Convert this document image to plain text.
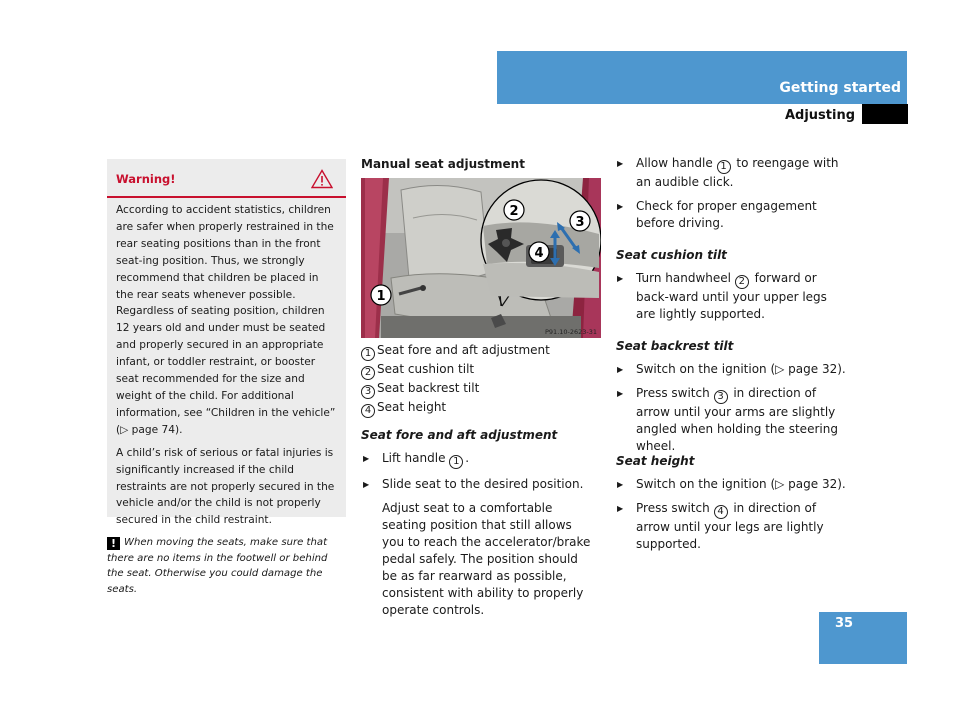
Getting started
Adjusting
Warning!

According to accident statistics, children are safer when properly restrained in the rear seating positions than in the front seat-ing position. Thus, we strongly recommend that children be placed in the rear seats whenever possible. Regardless of seating position, children 12 years old and under must be seated and properly secured in an appropriate infant, or toddler restraint, or booster seat recommended for the size and weight of the child. For additional information, see “Children in the vehicle” (▷ page 74).

A child’s risk of serious or fatal injuries is significantly increased if the child restraints are not properly secured in the vehicle and/or the child is not properly secured in the child restraint.

! When moving the seats, make sure that there are no items in the footwell or behind the seat. Otherwise you could damage the seats.
Manual seat adjustment
2
3
4
1
P91.10-2623-31
1 Seat fore and aft adjustment
2 Seat cushion tilt
3 Seat backrest tilt
4 Seat height
Seat fore and aft adjustment
▶ Lift handle 1 .
▶ Slide seat to the desired position.
Adjust seat to a comfortable seating position that still allows you to reach the accelerator/brake pedal safely. The position should be as far rearward as possible, consistent with ability to properly operate controls.
▶ Allow handle 1 to reengage with an audible click.
▶ Check for proper engagement before driving.
Seat cushion tilt
▶ Turn handwheel 2 forward or back-ward until your upper legs are lightly supported.
Seat backrest tilt
▶ Switch on the ignition (▷ page 32).
▶ Press switch 3 in direction of arrow until your arms are slightly angled when holding the steering wheel.
Seat height
▶ Switch on the ignition (▷ page 32).
▶ Press switch 4 in direction of arrow until your legs are lightly supported.
35
